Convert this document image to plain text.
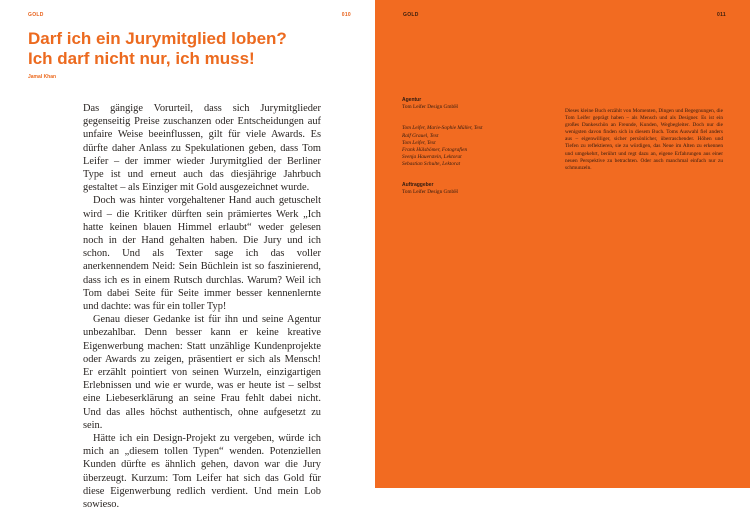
GOLD	010
Darf ich ein Jurymitglied loben?
Ich darf nicht nur, ich muss!
Jamal Khan

Das gängige Vorurteil, dass sich Jurymitglieder gegenseitig Preise zuschanzen oder Entscheidungen auf unfaire Weise beeinflussen, gilt für viele Awards. Es dürfte daher Anlass zu Spekulationen geben, dass Tom Leifer – der immer wieder Jurymitglied der Berliner Type ist und erneut auch das diesjährige Jahrbuch gestaltet – als Einziger mit Gold ausgezeichnet wurde.

Doch was hinter vorgehaltener Hand auch getuschelt wird – die Kritiker dürften sein prämiertes Werk „Ich hatte keinen blauen Himmel erlaubt“ weder gelesen noch in der Hand gehalten haben. Die Jury und ich schon. Und als Texter sage ich das voller anerkennendem Neid: Sein Büchlein ist so faszinierend, dass ich es in einem Rutsch durchlas. Warum? Weil ich Tom dabei Seite für Seite immer besser kennenlernte und dachte: was für ein toller Typ!

Genau dieser Gedanke ist für ihn und seine Agentur unbezahlbar. Denn besser kann er keine kreative Eigenwerbung machen: Statt unzählige Kundenprojekte oder Awards zu zeigen, präsentiert er sich als Mensch! Er erzählt pointiert von seinen Wurzeln, einzigartigen Erlebnissen und wie er wurde, was er heute ist – selbst eine Liebeserklärung an seine Frau fehlt dabei nicht. Und das alles höchst authentisch, ohne aufgesetzt zu sein.

Hätte ich ein Design-Projekt zu vergeben, würde ich mich an „diesem tollen Typen“ wenden. Potenziellen Kunden dürfte es ähnlich gehen, davon war die Jury überzeugt. Kurzum: Tom Leifer hat sich das Gold für diese Eigenwerbung redlich verdient. Und mein Lob sowieso.

GOLD	011

Agentur

Tom Leifer Design GmbH

Tom Leifer, Marie-Sophie Müller, Text

Ralf Grauel, Text

Tom Leifer, Text

Frank Hülsbömer, Fotografien

Svenja Hauerstein, Lektorat

Sebastian Schulte, Lektorat

Auftraggeber

Tom Leifer Design GmbH

Dieses kleine Buch erzählt von Momenten, Dingen und Begegnungen, die Tom Leifer geprägt haben – als Mensch und als Designer. Es ist ein großes Dankeschön an Freunde, Kunden, Wegbegleiter. Doch nur die wenigsten davon finden sich in diesem Buch. Toms Auswahl fiel anders aus – eigenwilliger, sicher persönlicher, überraschender. Höhen und Tiefen zu reflektieren, sie zu würdigen, das Neue im Alten zu erkennen und umgekehrt, berührt und regt dazu an, eigene Erfahrungen aus einer neuen Perspektive zu betrachten. Oder auch manchmal einfach nur zu schmunzeln.
